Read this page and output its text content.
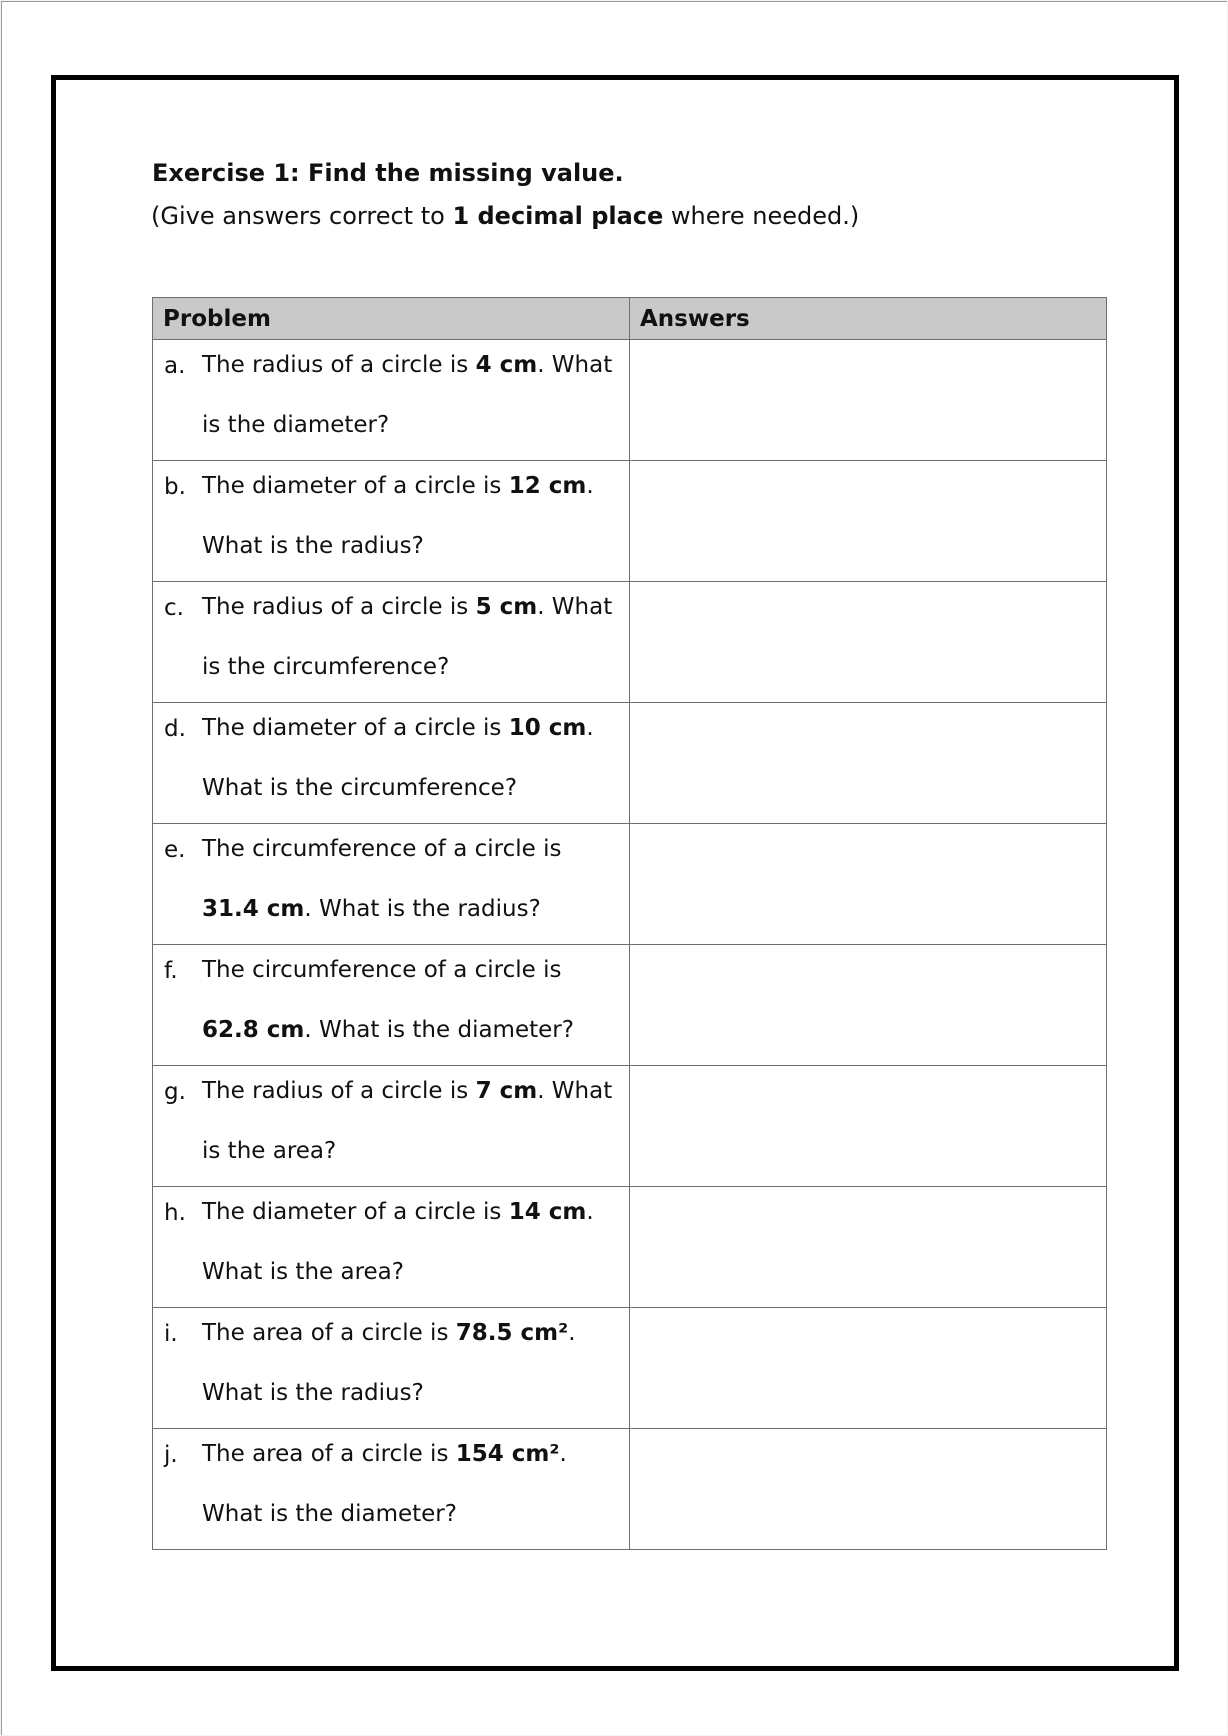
Exercise 1: Find the missing value.
(Give answers correct to 1 decimal place where needed.)
Problem	Answers

a. The radius of a circle is 4 cm. What is the diameter?	

b. The diameter of a circle is 12 cm. What is the radius?	

c. The radius of a circle is 5 cm. What is the circumference?	

d. The diameter of a circle is 10 cm. What is the circumference?	

e. The circumference of a circle is 31.4 cm. What is the radius?	

f. The circumference of a circle is 62.8 cm. What is the diameter?	

g. The radius of a circle is 7 cm. What is the area?	

h. The diameter of a circle is 14 cm. What is the area?	

i. The area of a circle is 78.5 cm². What is the radius?	

j. The area of a circle is 154 cm². What is the diameter?	
